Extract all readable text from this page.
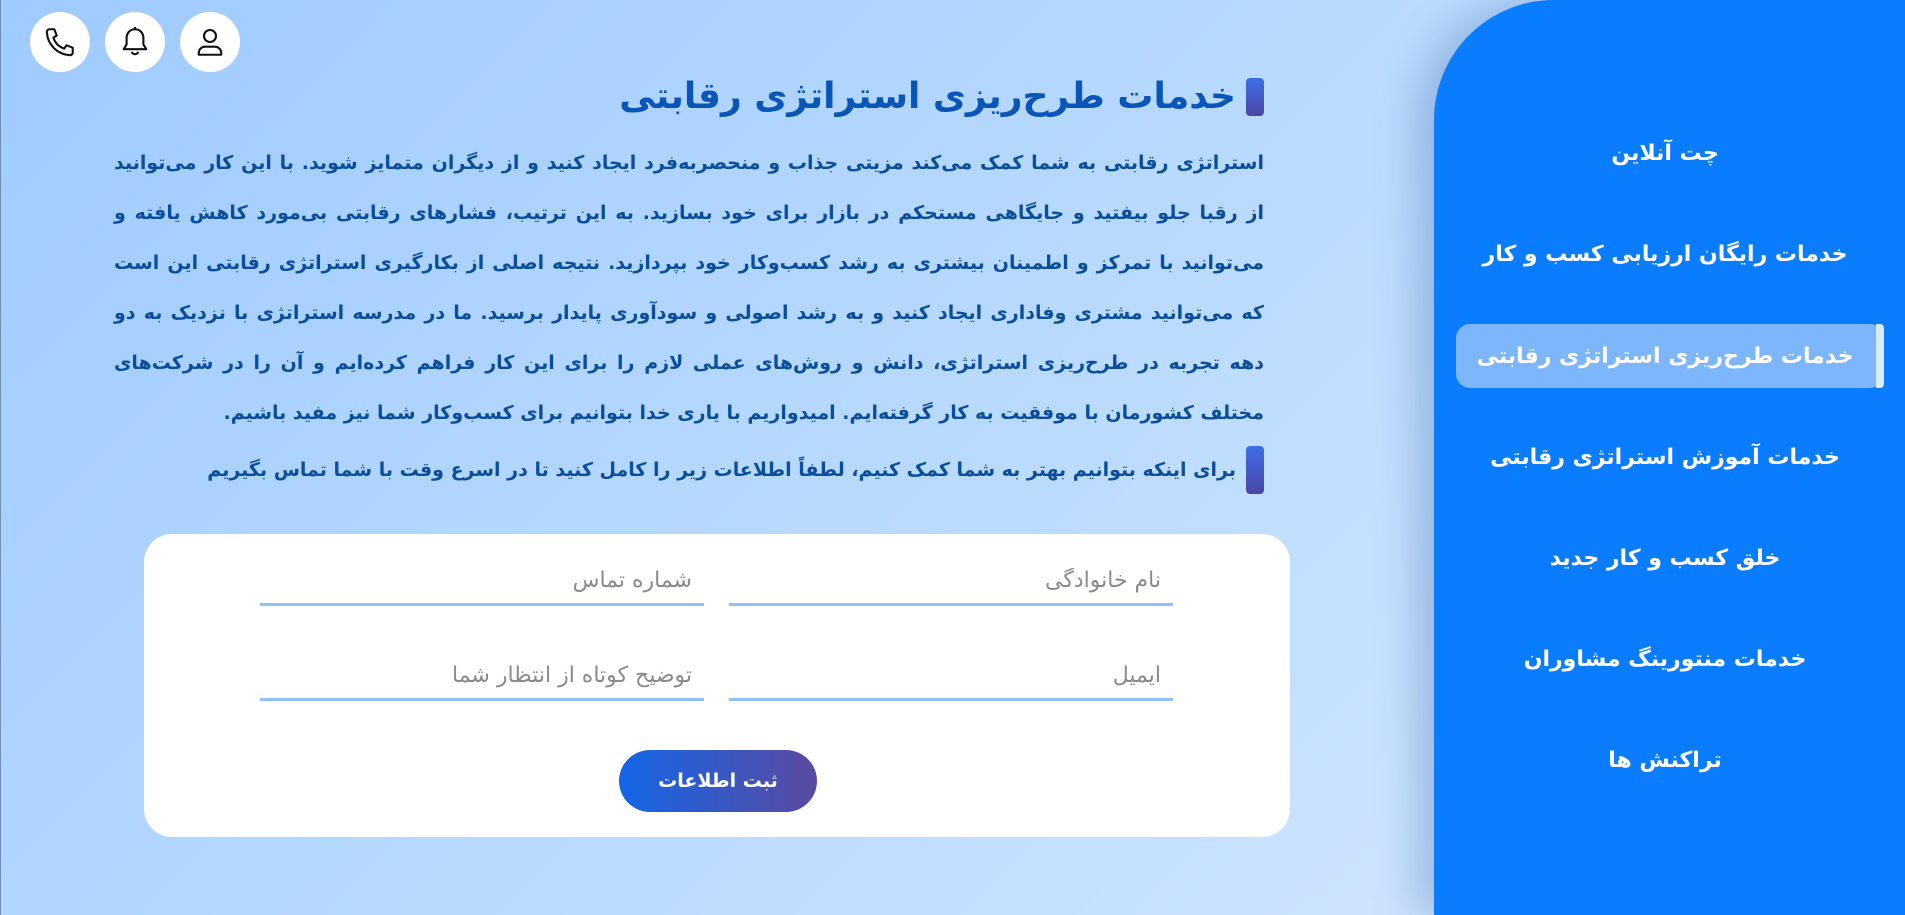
چت آنلاین
خدمات رایگان ارزیابی کسب و کار
خدمات طرح‌ریزی استراتژی رقابتی
خدمات آموزش استراتژی رقابتی
خلق کسب و کار جدید
خدمات منتورینگ مشاوران
تراکنش ها
خدمات طرح‌ریزی استراتژی رقابتی

استراتژی رقابتی به شما کمک می‌کند مزیتی جذاب و منحصربه‌فرد ایجاد کنید و از دیگران متمایز شوید. با این کار می‌توانید از رقبا جلو بیفتید و جایگاهی مستحکم در بازار برای خود بسازید. به این ترتیب، فشارهای رقابتی بی‌مورد کاهش یافته و می‌توانید با تمرکز و اطمینان بیشتری به رشد کسب‌وکار خود بپردازید. نتیجه اصلی از بکارگیری استراتژی رقابتی این است که می‌توانید مشتری وفاداری ایجاد کنید و به رشد اصولی و سودآوری پایدار برسید. ما در مدرسه استراتژی با نزدیک به دو دهه تجربه در طرح‌ریزی استراتژی، دانش و روش‌های عملی لازم را برای این کار فراهم کرده‌ایم و آن را در شرکت‌های مختلف کشورمان با موفقیت به کار گرفته‌ایم. امیدواریم با یاری خدا بتوانیم برای کسب‌وکار شما نیز مفید باشیم.

برای اینکه بتوانیم بهتر به شما کمک کنیم، لطفاً اطلاعات زیر را کامل کنید تا در اسرع وقت با شما تماس بگیریم

نام خانوادگی
شماره تماس
ایمیل
توضیح کوتاه از انتظار شما
ثبت اطلاعات
